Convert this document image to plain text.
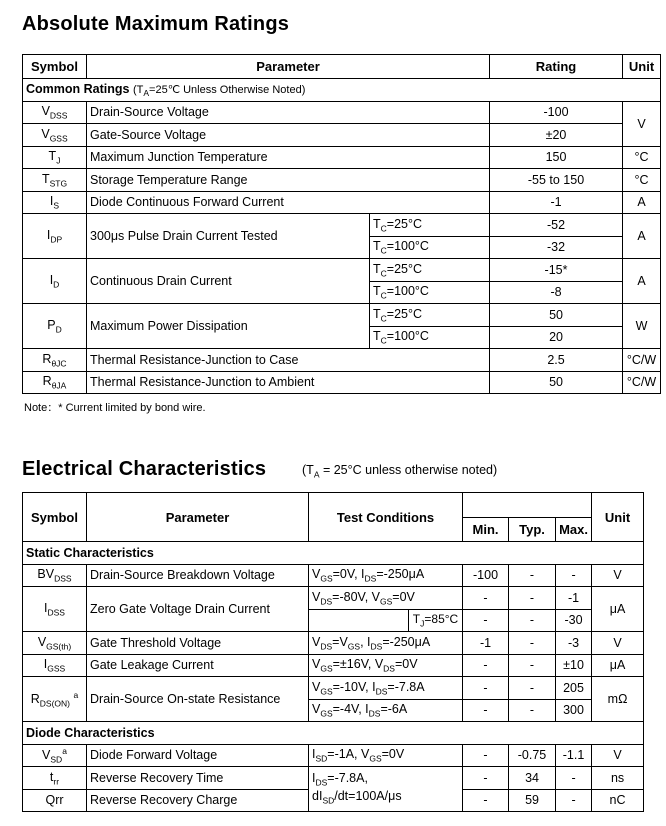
Absolute Maximum Ratings
Symbol	Parameter		Rating	Unit
Common Ratings ($T_A=25℃$ Unless Otherwise Noted)				
$V_{DSS}$	Drain-Source Voltage		-100	V
$V_{GSS}$	Gate-Source Voltage		±20	
$T_J$	Maximum Junction Temperature		150	°C
$T_{STG}$	Storage Temperature Range		-55 to 150	°C
$I_S$	Diode Continuous Forward Current		-1	A
$I_{DP}$	300μs Pulse Drain Current Tested	$T_C=25^\circ C$	-52	A
		$T_C=100^\circ C$	-32	
$I_D$	Continuous Drain Current	$T_C=25^\circ C$	-15*	A
		$T_C=100^\circ C$	-8	
$P_D$	Maximum Power Dissipation	$T_C=25^\circ C$	50	W
		$T_C=100^\circ C$	20	
$R_{\theta JC}$	Thermal Resistance-Junction to Case		2.5	°C/W
$R_{\theta JA}$	Thermal Resistance-Junction to Ambient		50	°C/W
Note：* Current limited by bond wire.
Electrical Characteristics	($T_A = 25^\circ C$ unless otherwise noted)
Symbol	Parameter	Test Conditions					Unit
				Min.	Typ.	Max.	
Static Characteristics							
$BV_{DSS}$	Drain-Source Breakdown Voltage	$V_{GS}=0V$, $I_{DS}=-250\mu A$		-100	-	-	V
$I_{DSS}$	Zero Gate Voltage Drain Current	$V_{DS}=-80V$, $V_{GS}=0V$		-	-	-1	μA
			$T_J=85^\circ C$	-	-	-30	
$V_{GS(th)}$	Gate Threshold Voltage	$V_{DS}=V_{GS}$, $I_{DS}=-250\mu A$		-1	-	-3	V
$I_{GSS}$	Gate Leakage Current	$V_{GS}=\pm 16V$, $V_{DS}=0V$		-	-	±10	μA
$R_{DS(ON)}$ $^a$	Drain-Source On-state Resistance	$V_{GS}=-10V$, $I_{DS}=-7.8A$		-	-	205	mΩ
		$V_{GS}=-4V$, $I_{DS}=-6A$		-	-	300	
Diode Characteristics							
$V_{SD}^a$	Diode Forward Voltage	$I_{SD}=-1A$, $V_{GS}=0V$		-	-0.75	-1.1	V
$t_{rr}$	Reverse Recovery Time	$I_{DS}=-7.8A$,
$dI_{SD}/dt=100A/\mu s$		-	34	-	ns
Qrr	Reverse Recovery Charge			-	59	-	nC
